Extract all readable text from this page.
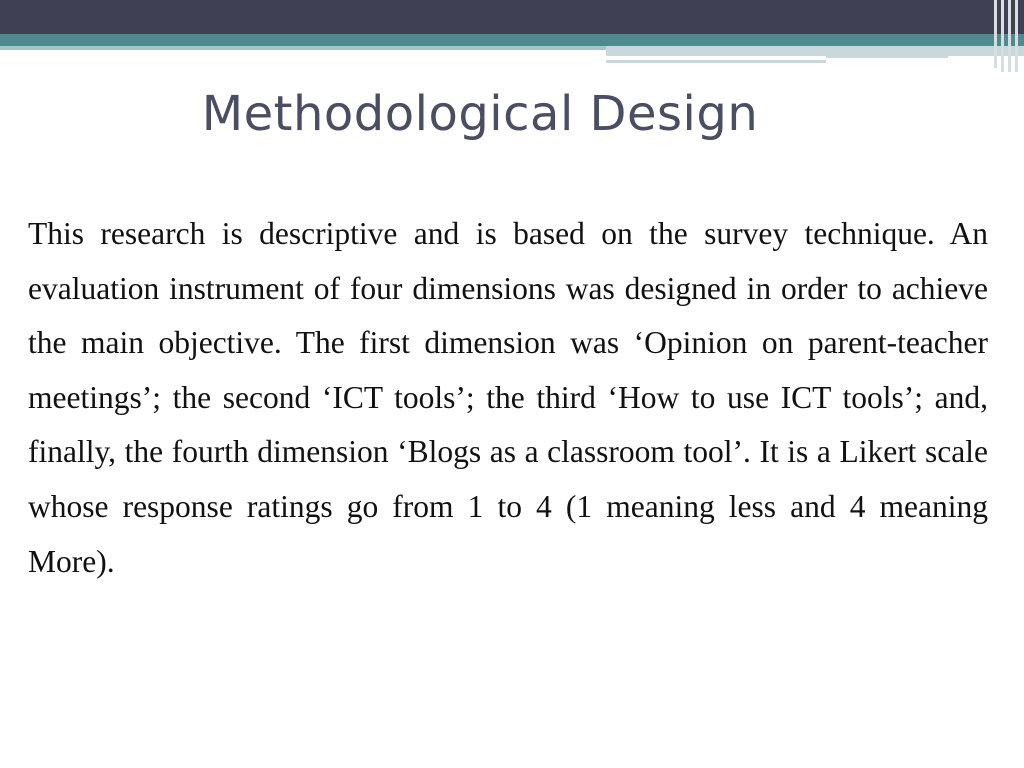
Methodological Design

This research is descriptive and is based on the survey technique. An evaluation instrument of four dimensions was designed in order to achieve the main objective. The first dimension was ‘Opinion on parent-teacher meetings’; the second ‘ICT tools’; the third ‘How to use ICT tools’; and, finally, the fourth dimension ‘Blogs as a classroom tool’. It is a Likert scale whose response ratings go from 1 to 4 (1 meaning less and 4 meaning More).
